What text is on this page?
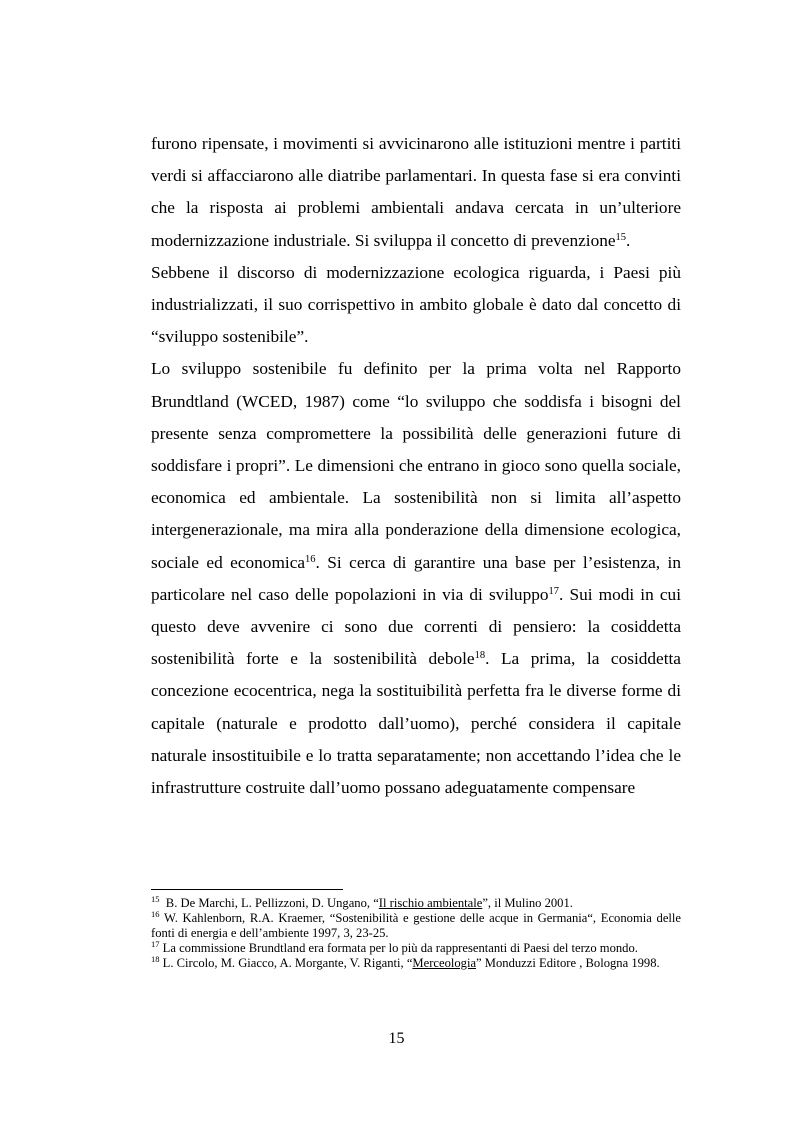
furono ripensate, i movimenti si avvicinarono alle istituzioni mentre i partiti verdi si affacciarono alle diatribe parlamentari. In questa fase si era convinti che la risposta ai problemi ambientali andava cercata in un’ulteriore modernizzazione industriale. Si sviluppa il concetto di prevenzione$^{15}$.

Sebbene il discorso di modernizzazione ecologica riguarda, i Paesi più industrializzati, il suo corrispettivo in ambito globale è dato dal concetto di “sviluppo sostenibile”.

Lo sviluppo sostenibile fu definito per la prima volta nel Rapporto Brundtland (WCED, 1987) come “lo sviluppo che soddisfa i bisogni del presente senza compromettere la possibilità delle generazioni future di soddisfare i propri”. Le dimensioni che entrano in gioco sono quella sociale, economica ed ambientale. La sostenibilità non si limita all’aspetto intergenerazionale, ma mira alla ponderazione della dimensione ecologica, sociale ed economica$^{16}$. Si cerca di garantire una base per l’esistenza, in particolare nel caso delle popolazioni in via di sviluppo$^{17}$. Sui modi in cui questo deve avvenire ci sono due correnti di pensiero: la cosiddetta sostenibilità forte e la sostenibilità debole$^{18}$. La prima, la cosiddetta concezione ecocentrica, nega la sostituibilità perfetta fra le diverse forme di capitale (naturale e prodotto dall’uomo), perché considera il capitale naturale insostituibile e lo tratta separatamente; non accettando l’idea che le infrastrutture costruite dall’uomo possano adeguatamente compensare

$^{15}$ B. De Marchi, L. Pellizzoni, D. Ungano, “Il rischio ambientale”, il Mulino 2001.

$^{16}$ W. Kahlenborn, R.A. Kraemer, “Sostenibilità e gestione delle acque in Germania“, Economia delle fonti di energia e dell’ambiente 1997, 3, 23-25.

$^{17}$ La commissione Brundtland era formata per lo più da rappresentanti di Paesi del terzo mondo.

$^{18}$ L. Circolo, M. Giacco, A. Morgante, V. Riganti, “Merceologia” Monduzzi Editore , Bologna 1998.

15
